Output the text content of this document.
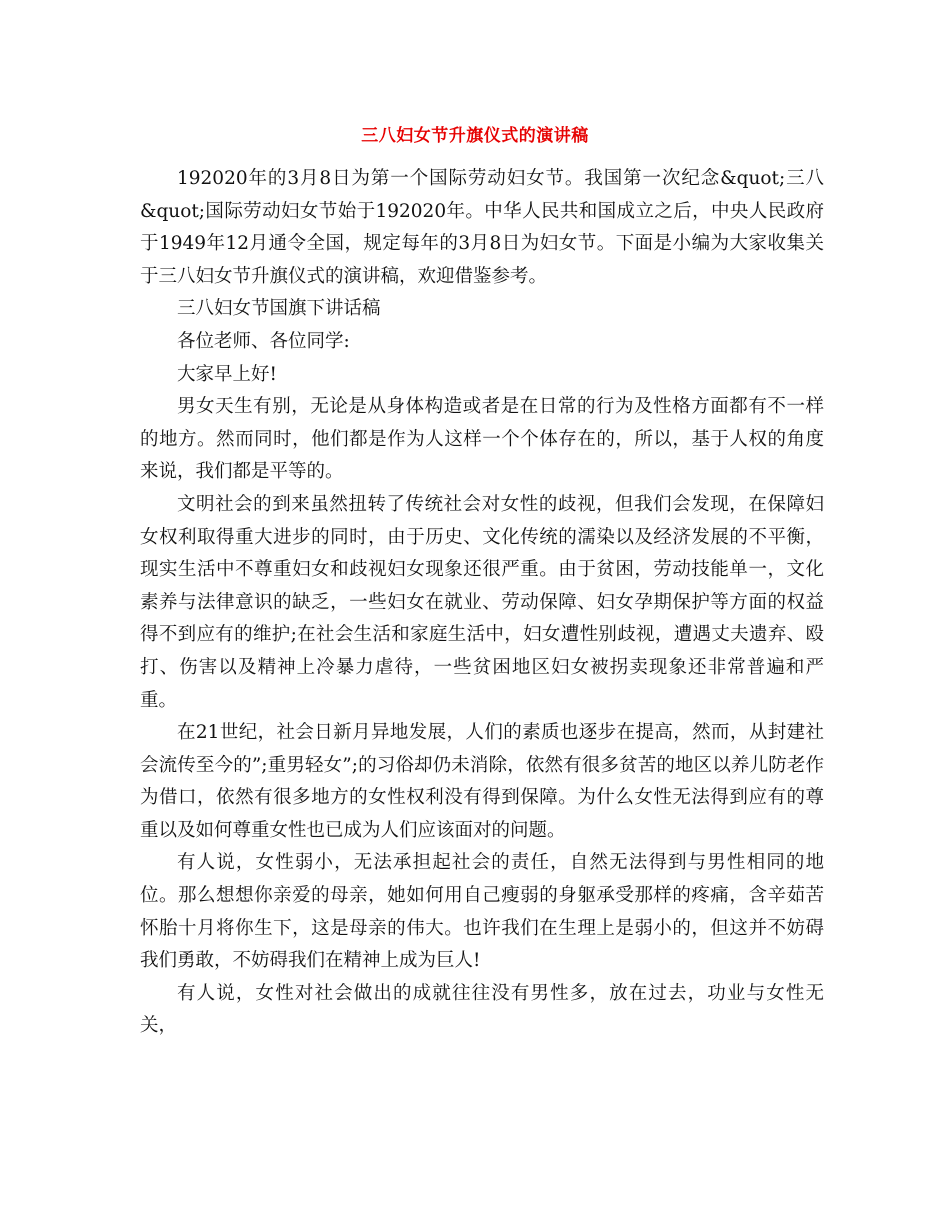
三八妇女节升旗仪式的演讲稿

192020年的3月8日为第一个国际劳动妇女节。我国第一次纪念&quot;三八&quot;国际劳动妇女节始于192020年。中华人民共和国成立之后，中央人民政府于1949年12月通令全国，规定每年的3月8日为妇女节。下面是小编为大家收集关于三八妇女节升旗仪式的演讲稿，欢迎借鉴参考。

三八妇女节国旗下讲话稿

各位老师、各位同学:

大家早上好!

男女天生有别，无论是从身体构造或者是在日常的行为及性格方面都有不一样的地方。然而同时，他们都是作为人这样一个个体存在的，所以，基于人权的角度来说，我们都是平等的。

文明社会的到来虽然扭转了传统社会对女性的歧视，但我们会发现，在保障妇女权利取得重大进步的同时，由于历史、文化传统的濡染以及经济发展的不平衡，现实生活中不尊重妇女和歧视妇女现象还很严重。由于贫困，劳动技能单一，文化素养与法律意识的缺乏，一些妇女在就业、劳动保障、妇女孕期保护等方面的权益得不到应有的维护;在社会生活和家庭生活中，妇女遭性别歧视，遭遇丈夫遗弃、殴打、伤害以及精神上冷暴力虐待，一些贫困地区妇女被拐卖现象还非常普遍和严重。

在21世纪，社会日新月异地发展，人们的素质也逐步在提高，然而，从封建社会流传至今的”;重男轻女”;的习俗却仍未消除，依然有很多贫苦的地区以养儿防老作为借口，依然有很多地方的女性权利没有得到保障。为什么女性无法得到应有的尊重以及如何尊重女性也已成为人们应该面对的问题。

有人说，女性弱小，无法承担起社会的责任，自然无法得到与男性相同的地位。那么想想你亲爱的母亲，她如何用自己瘦弱的身躯承受那样的疼痛，含辛茹苦怀胎十月将你生下，这是母亲的伟大。也许我们在生理上是弱小的，但这并不妨碍我们勇敢，不妨碍我们在精神上成为巨人!

有人说，女性对社会做出的成就往往没有男性多，放在过去，功业与女性无关，
